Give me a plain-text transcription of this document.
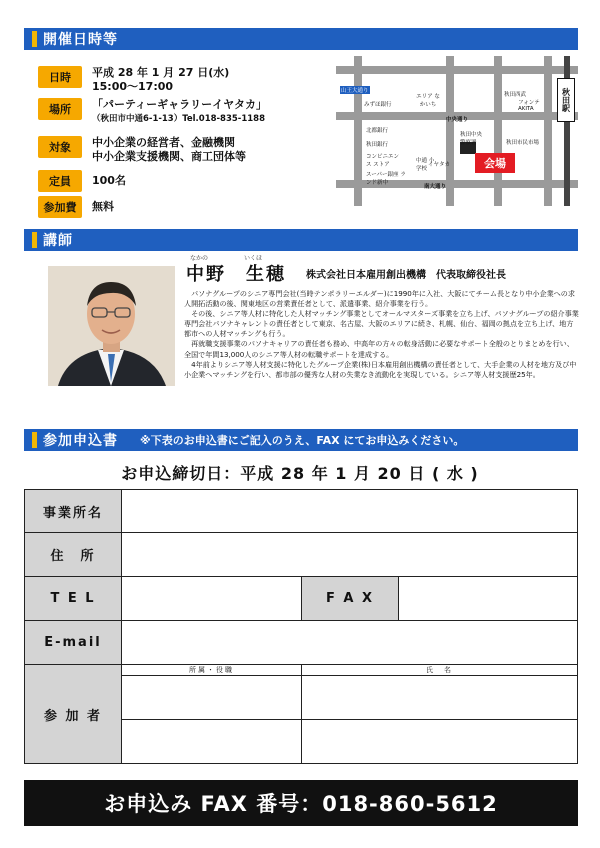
開催日時等
日時	平成 28 年 1 月 27 日(水)
15:00～17:00
場所	「パーティーギャラリーイヤタカ」
（秋田市中通6-1-13）Tel.018-835-1188
対象	中小企業の経営者、金融機関
中小企業支援機関、商工団体等
定員	100名
参加費	無料
秋田駅
会場
イヤタカ
みずほ銀行
エリア なかいち
秋田西武
フォンテ AKITA
中央通り
北都銀行
秋田銀行	秋田市民市場
コンビニエンス ストア
秋田中央 警察署
中通 小学校
スーパー銀座 ランド新中
南大通り
山王大通り
講師
なかの	いくほ
中野　生穂 株式会社日本雇用創出機構　代表取締役社長

パソナグループのシニア専門会社(当時テンポラリーエルダー)に1990年に入社、大阪にてチーム長となり中小企業への求人開拓活動の後、関東地区の営業責任者として、派遣事業、紹介事業を行う。

その後、シニア等人材に特化した人材マッチング事業としてオールマスターズ事業を立ち上げ、パソナグループの紹介事業専門会社パソナキャレントの責任者として東京、名古屋、大阪のエリアに続き、札幌、仙台、福岡の拠点を立ち上げ、地方都市への人材マッチングも行う。

再就職支援事業のパソナキャリアの責任者も務め、中高年の方々の転身活動に必要なサポート全般のとりまとめを行い、全国で年間13,000人のシニア等人材の転職サポートを達成する。

4年前よりシニア等人材支援に特化したグループ企業(株)日本雇用創出機構の責任者として、大手企業の人材を地方及び中小企業へマッチングを行い、都市部の優秀な人材の失業なき流動化を実現している。シニア等人材支援歴25年。

参加申込書 ※下表のお申込書にご記入のうえ、FAX にてお申込みください。
お申込締切日：平成 28 年 1 月 20 日 ( 水 )
事業所名			
住　所			
T E L		F A X	
E-mail			
参 加 者	所属・役職	氏　名	

お申込み FAX 番号：018-860-5612
